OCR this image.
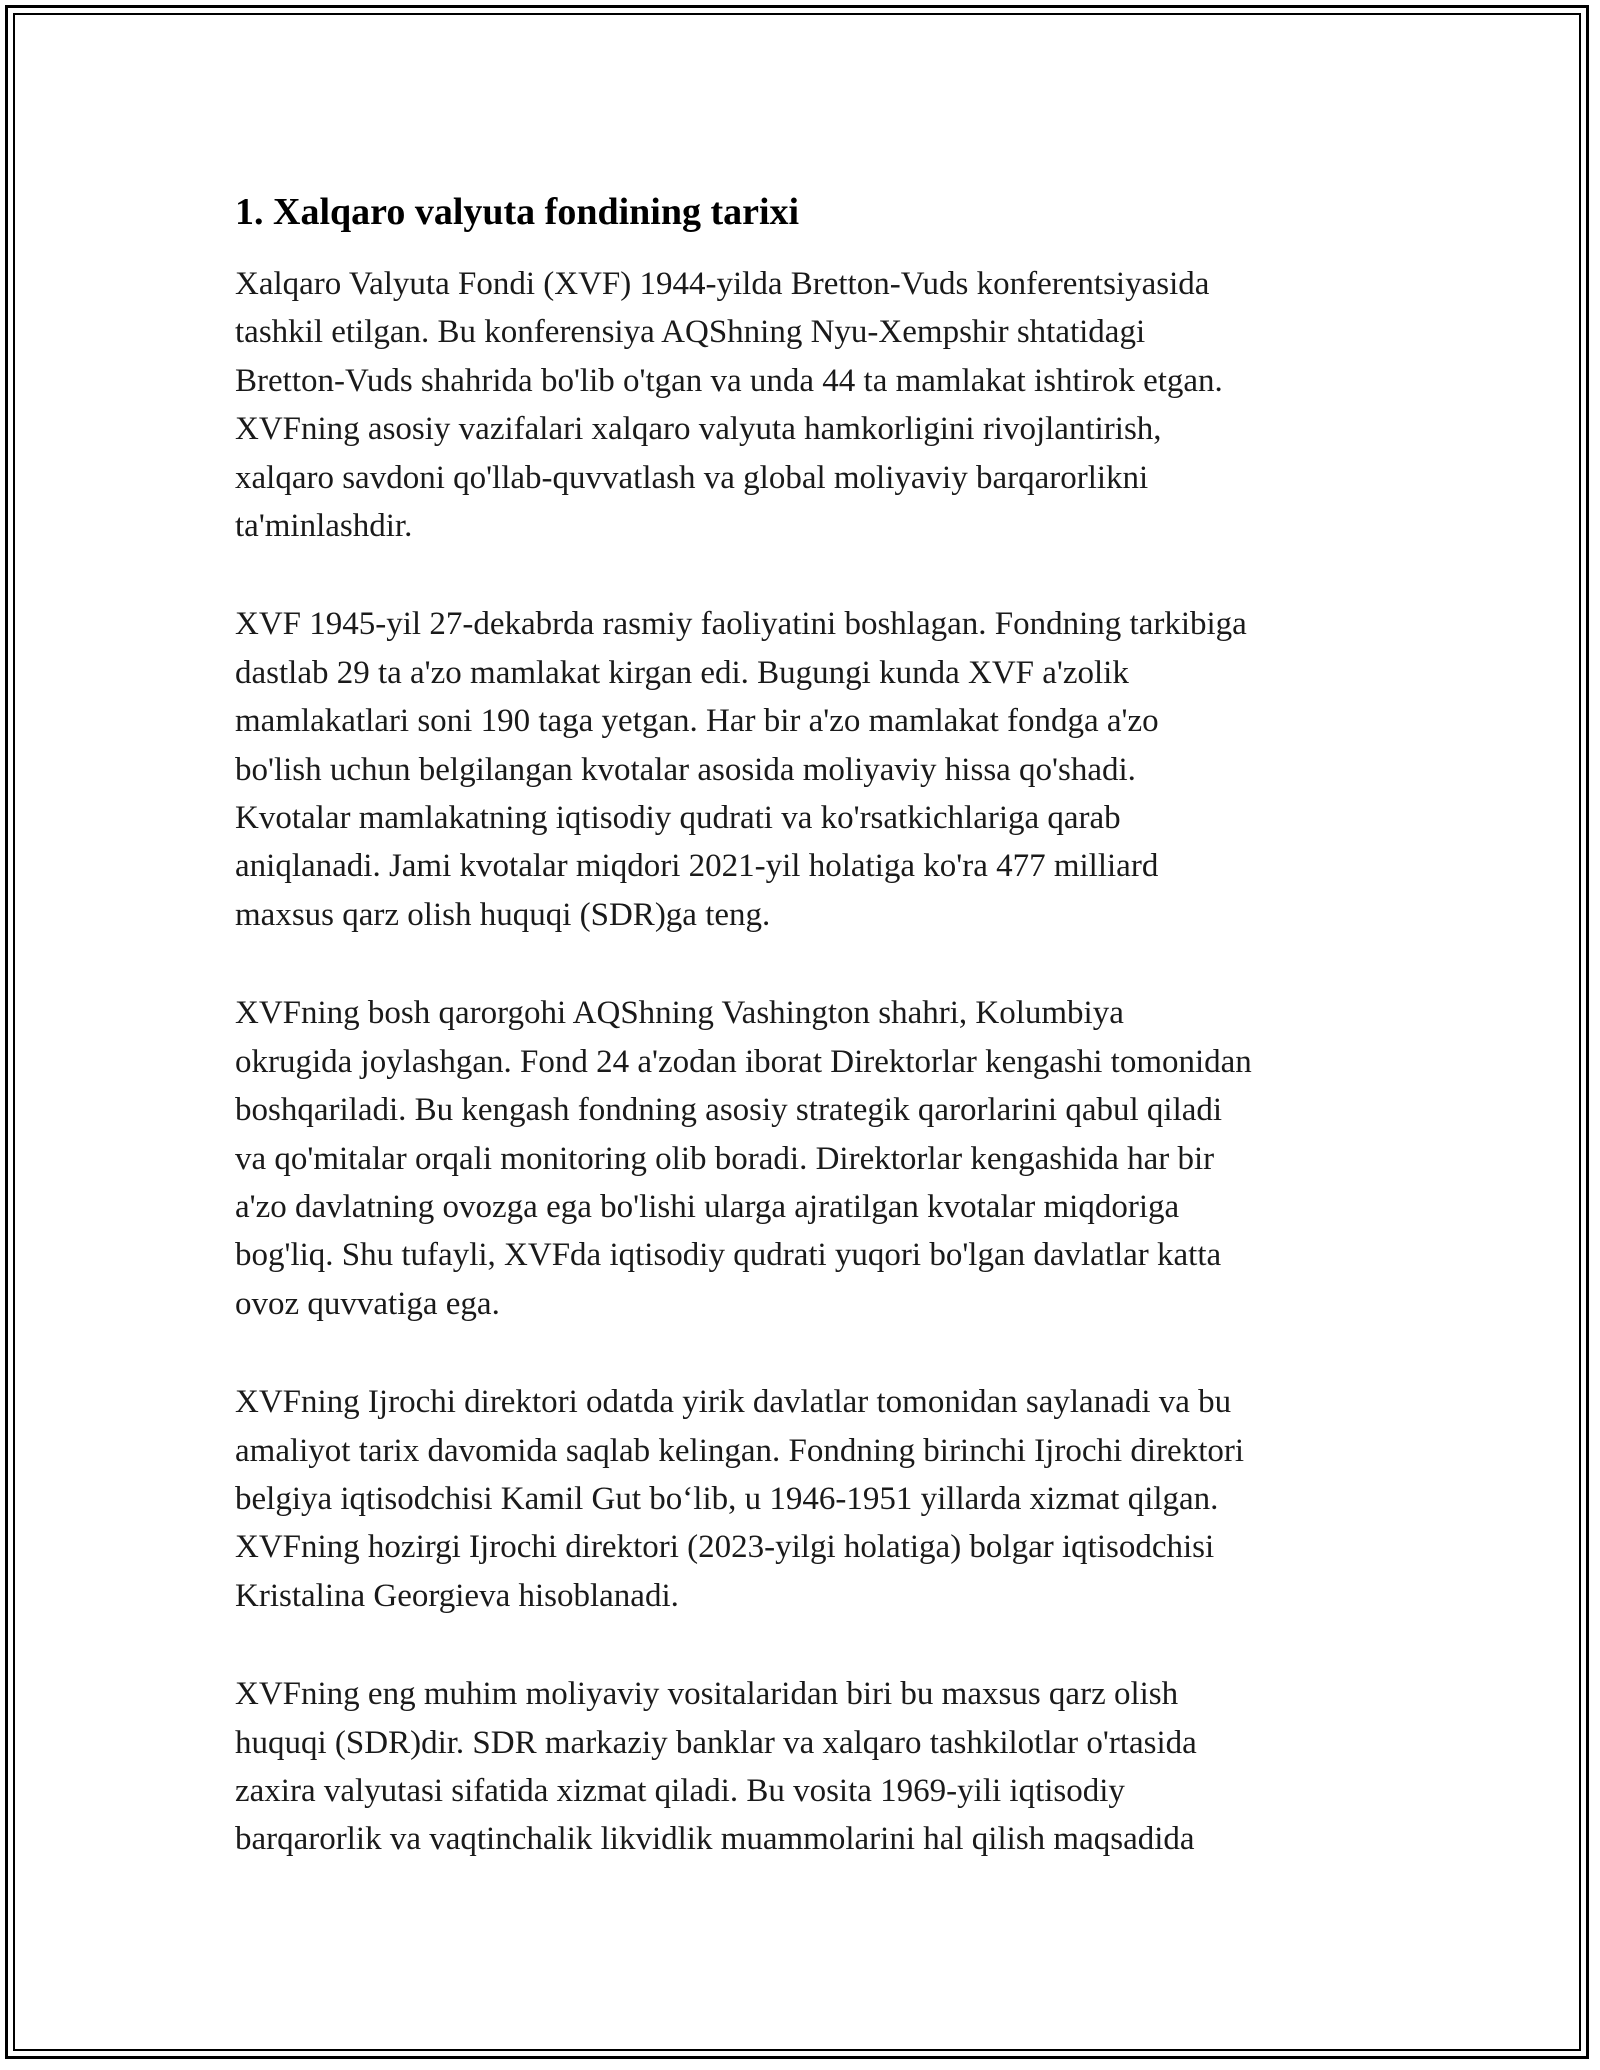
1. Xalqaro valyuta fondining tarixi

Xalqaro Valyuta Fondi (XVF) 1944-yilda Bretton-Vuds konferentsiyasida
tashkil etilgan. Bu konferensiya AQShning Nyu-Xempshir shtatidagi
Bretton-Vuds shahrida bo'lib o'tgan va unda 44 ta mamlakat ishtirok etgan.
XVFning asosiy vazifalari xalqaro valyuta hamkorligini rivojlantirish,
xalqaro savdoni qo'llab-quvvatlash va global moliyaviy barqarorlikni
ta'minlashdir.

XVF 1945-yil 27-dekabrda rasmiy faoliyatini boshlagan. Fondning tarkibiga
dastlab 29 ta a'zo mamlakat kirgan edi. Bugungi kunda XVF a'zolik
mamlakatlari soni 190 taga yetgan. Har bir a'zo mamlakat fondga a'zo
bo'lish uchun belgilangan kvotalar asosida moliyaviy hissa qo'shadi.
Kvotalar mamlakatning iqtisodiy qudrati va ko'rsatkichlariga qarab
aniqlanadi. Jami kvotalar miqdori 2021-yil holatiga ko'ra 477 milliard
maxsus qarz olish huquqi (SDR)ga teng.

XVFning bosh qarorgohi AQShning Vashington shahri, Kolumbiya
okrugida joylashgan. Fond 24 a'zodan iborat Direktorlar kengashi tomonidan
boshqariladi. Bu kengash fondning asosiy strategik qarorlarini qabul qiladi
va qo'mitalar orqali monitoring olib boradi. Direktorlar kengashida har bir
a'zo davlatning ovozga ega bo'lishi ularga ajratilgan kvotalar miqdoriga
bog'liq. Shu tufayli, XVFda iqtisodiy qudrati yuqori bo'lgan davlatlar katta
ovoz quvvatiga ega.

XVFning Ijrochi direktori odatda yirik davlatlar tomonidan saylanadi va bu
amaliyot tarix davomida saqlab kelingan. Fondning birinchi Ijrochi direktori
belgiya iqtisodchisi Kamil Gut bo‘lib, u 1946-1951 yillarda xizmat qilgan.
XVFning hozirgi Ijrochi direktori (2023-yilgi holatiga) bolgar iqtisodchisi
Kristalina Georgieva hisoblanadi.

XVFning eng muhim moliyaviy vositalaridan biri bu maxsus qarz olish
huquqi (SDR)dir. SDR markaziy banklar va xalqaro tashkilotlar o'rtasida
zaxira valyutasi sifatida xizmat qiladi. Bu vosita 1969-yili iqtisodiy
barqarorlik va vaqtinchalik likvidlik muammolarini hal qilish maqsadida
